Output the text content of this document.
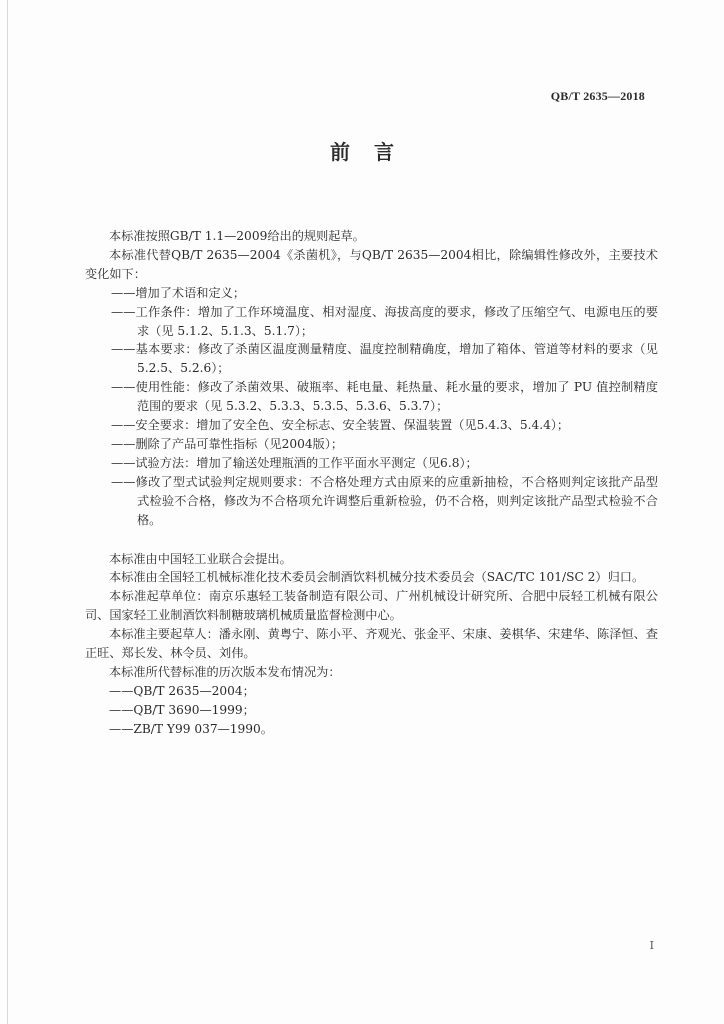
QB/T 2635—2018
前言

本标准按照GB/T 1.1—2009给出的规则起草。

本标准代替QB/T 2635—2004《杀菌机》，与QB/T 2635—2004相比，除编辑性修改外，主要技术变化如下：

——增加了术语和定义；

——工作条件：增加了工作环境温度、相对湿度、海拔高度的要求，修改了压缩空气、电源电压的要求（见 5.1.2、5.1.3、5.1.7）；

——基本要求：修改了杀菌区温度测量精度、温度控制精确度，增加了箱体、管道等材料的要求（见 5.2.5、5.2.6）；

——使用性能：修改了杀菌效果、破瓶率、耗电量、耗热量、耗水量的要求，增加了 PU 值控制精度范围的要求（见 5.3.2、5.3.3、5.3.5、5.3.6、5.3.7）；

——安全要求：增加了安全色、安全标志、安全装置、保温装置（见5.4.3、5.4.4）；

——删除了产品可靠性指标（见2004版）；

——试验方法：增加了输送处理瓶酒的工作平面水平测定（见6.8）；

——修改了型式试验判定规则要求：不合格处理方式由原来的应重新抽检，不合格则判定该批产品型式检验不合格，修改为不合格项允许调整后重新检验，仍不合格，则判定该批产品型式检验不合格。

本标准由中国轻工业联合会提出。

本标准由全国轻工机械标准化技术委员会制酒饮料机械分技术委员会（SAC/TC 101/SC 2）归口。

本标准起草单位：南京乐惠轻工装备制造有限公司、广州机械设计研究所、合肥中辰轻工机械有限公司、国家轻工业制酒饮料制糖玻璃机械质量监督检测中心。

本标准主要起草人：潘永刚、黄粤宁、陈小平、齐观光、张金平、宋康、姜棋华、宋建华、陈泽恒、查正旺、郑长发、林令员、刘伟。

本标准所代替标准的历次版本发布情况为：

——QB/T 2635—2004；

——QB/T 3690—1999；

——ZB/T Y99 037—1990。

I
